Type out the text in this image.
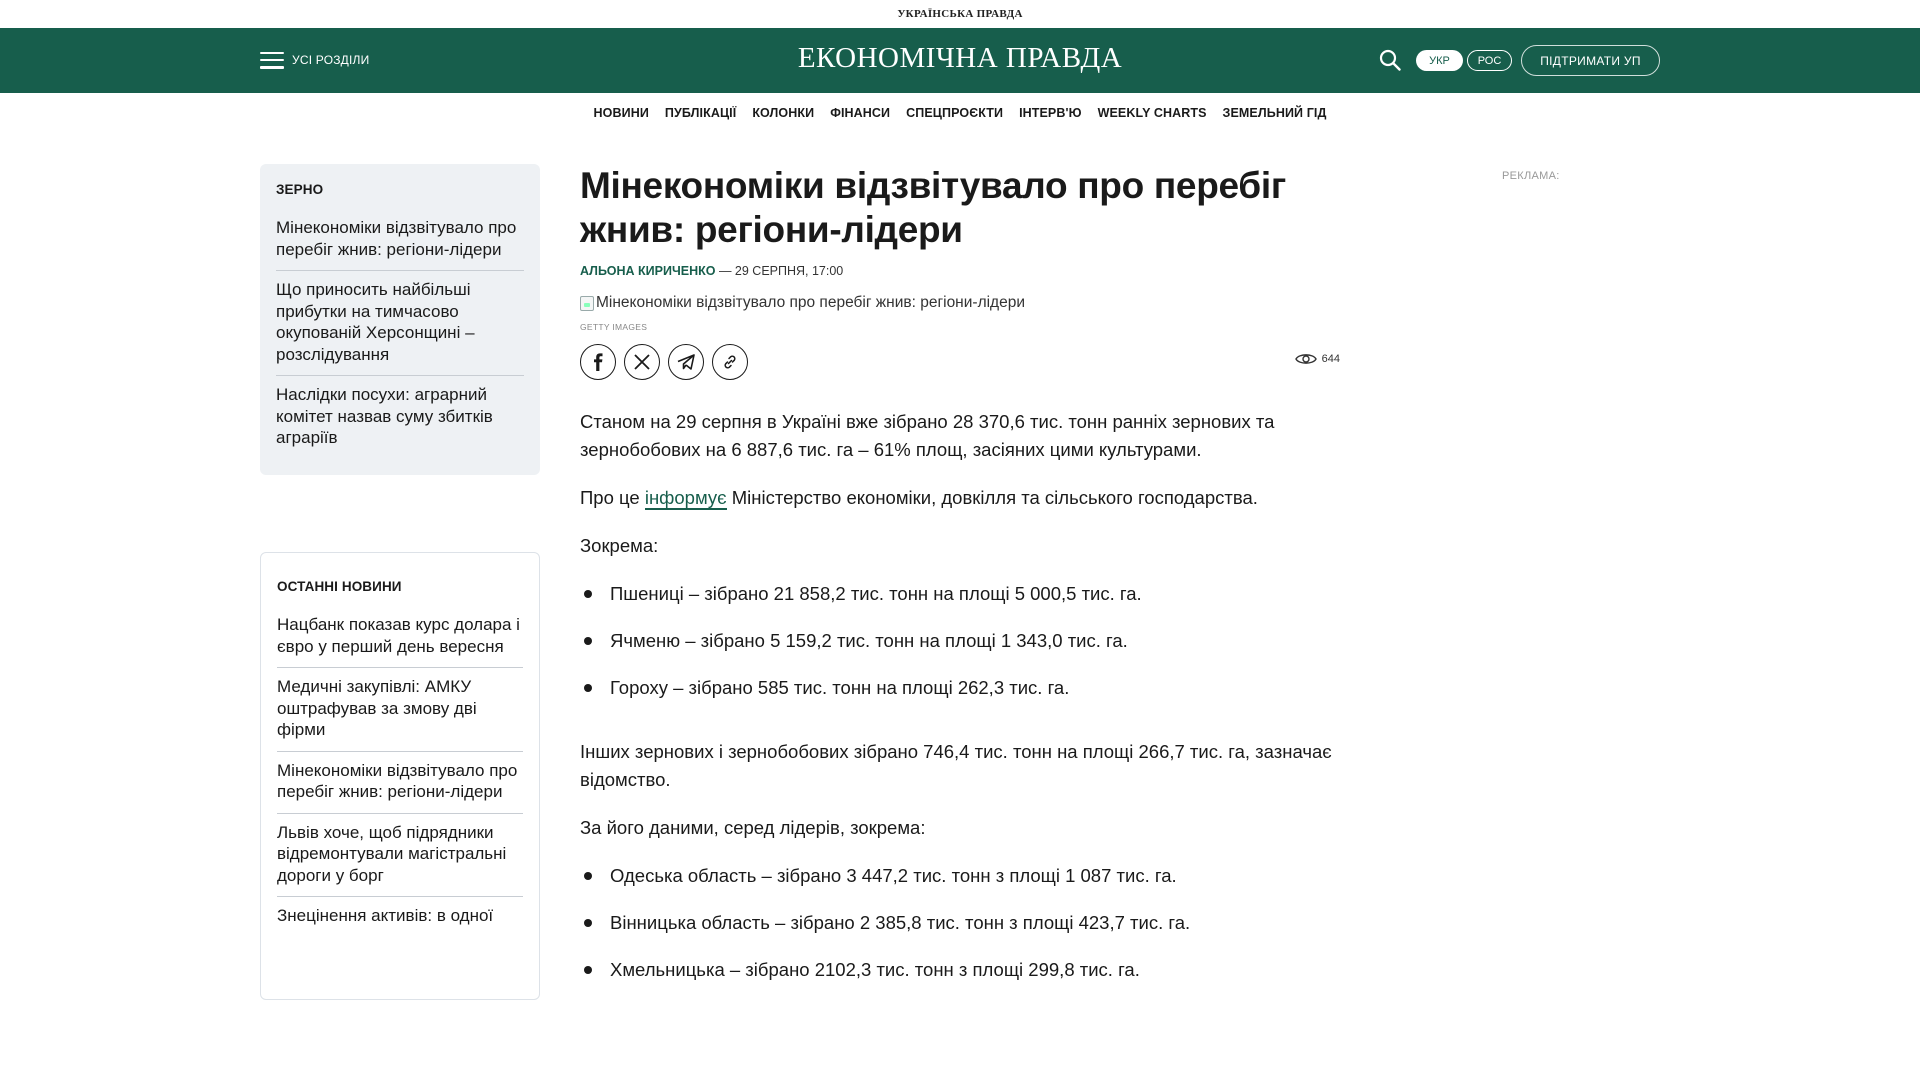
УКРАЇНСЬКА ПРАВДА
УСІ РОЗДІЛИ	ЕКОНОМІЧНА ПРАВДА	УКР	РОС	ПІДТРИМАТИ УП
НОВИНИ ПУБЛІКАЦІЇ КОЛОНКИ ФІНАНСИ СПЕЦПРОЄКТИ ІНТЕРВ'Ю WEEKLY CHARTS ЗЕМЕЛЬНИЙ ГІД
ЗЕРНО
Мінекономіки відзвітувало про перебіг жнив: регіони-лідери
Що приносить найбільші прибутки на тимчасово окупованій Херсонщині – розслідування
Наслідки посухи: аграрний комітет назвав суму збитків аграріїв
ОСТАННІ НОВИНИ
Нацбанк показав курс долара і євро у перший день вересня
Медичні закупівлі: АМКУ оштрафував за змову дві фірми
Мінекономіки відзвітувало про перебіг жнив: регіони-лідери
Львів хоче, щоб підрядники відремонтували магістральні дороги у борг
Знецінення активів: в одної
Мінекономіки відзвітувало про перебіг жнив: регіони-лідери
АЛЬОНА КИРИЧЕНКО — 29 СЕРПНЯ, 17:00
Мінекономіки відзвітувало про перебіг жнив: регіони-лідери
GETTY IMAGES
644

Станом на 29 серпня в Україні вже зібрано 28 370,6 тис. тонн ранніх зернових та зернобобових на 6 887,6 тис. га – 61% площ, засіяних цими культурами.

Про це інформує Міністерство економіки, довкілля та сільського господарства.

Зокрема:

Пшениці – зібрано 21 858,2 тис. тонн на площі 5 000,5 тис. га.
Ячменю – зібрано 5 159,2 тис. тонн на площі 1 343,0 тис. га.
Гороху – зібрано 585 тис. тонн на площі 262,3 тис. га.

Інших зернових і зернобобових зібрано 746,4 тис. тонн на площі 266,7 тис. га, зазначає відомство.

За його даними, серед лідерів, зокрема:

Одеська область – зібрано 3 447,2 тис. тонн з площі 1 087 тис. га.
Вінницька область – зібрано 2 385,8 тис. тонн з площі 423,7 тис. га.
Хмельницька – зібрано 2102,3 тис. тонн з площі 299,8 тис. га.
РЕКЛАМА:
